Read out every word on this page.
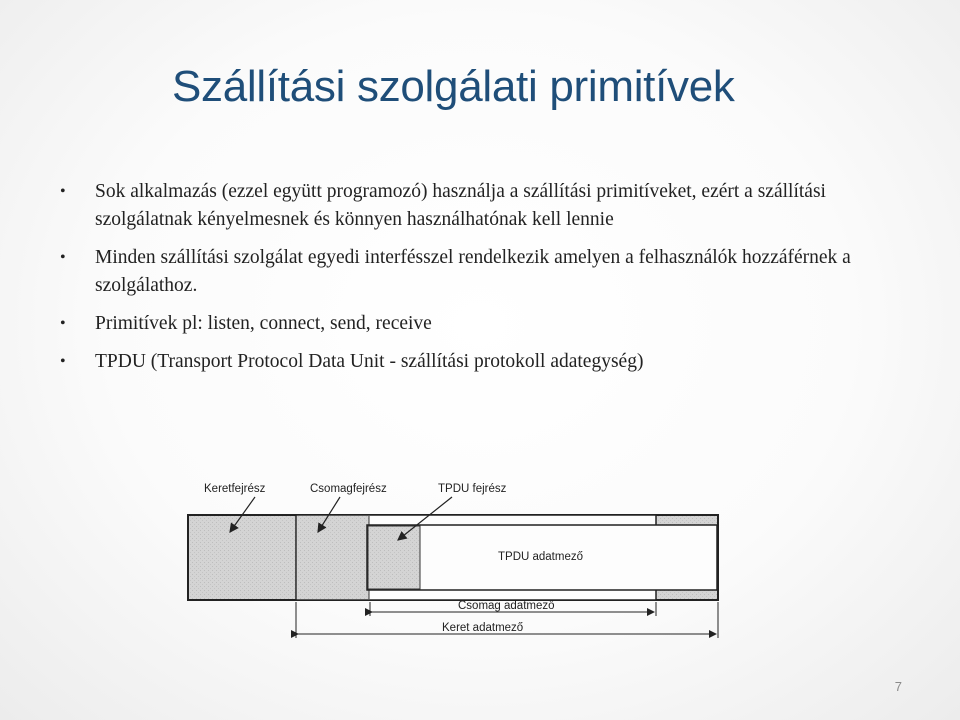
Szállítási szolgálati primitívek
• Sok alkalmazás (ezzel együtt programozó) használja a szállítási primitíveket, ezért a szállítási szolgálatnak kényelmesnek és könnyen használhatónak kell lennie
• Minden szállítási szolgálat egyedi interfésszel rendelkezik amelyen a felhasználók hozzáférnek a szolgálathoz.
• Primitívek pl: listen, connect, send, receive
• TPDU (Transport Protocol Data Unit - szállítási protokoll adategység)
Keretfejrész	Csomagfejrész	TPDU fejrész
TPDU adatmező
Csomag adatmező
Keret adatmező
7
